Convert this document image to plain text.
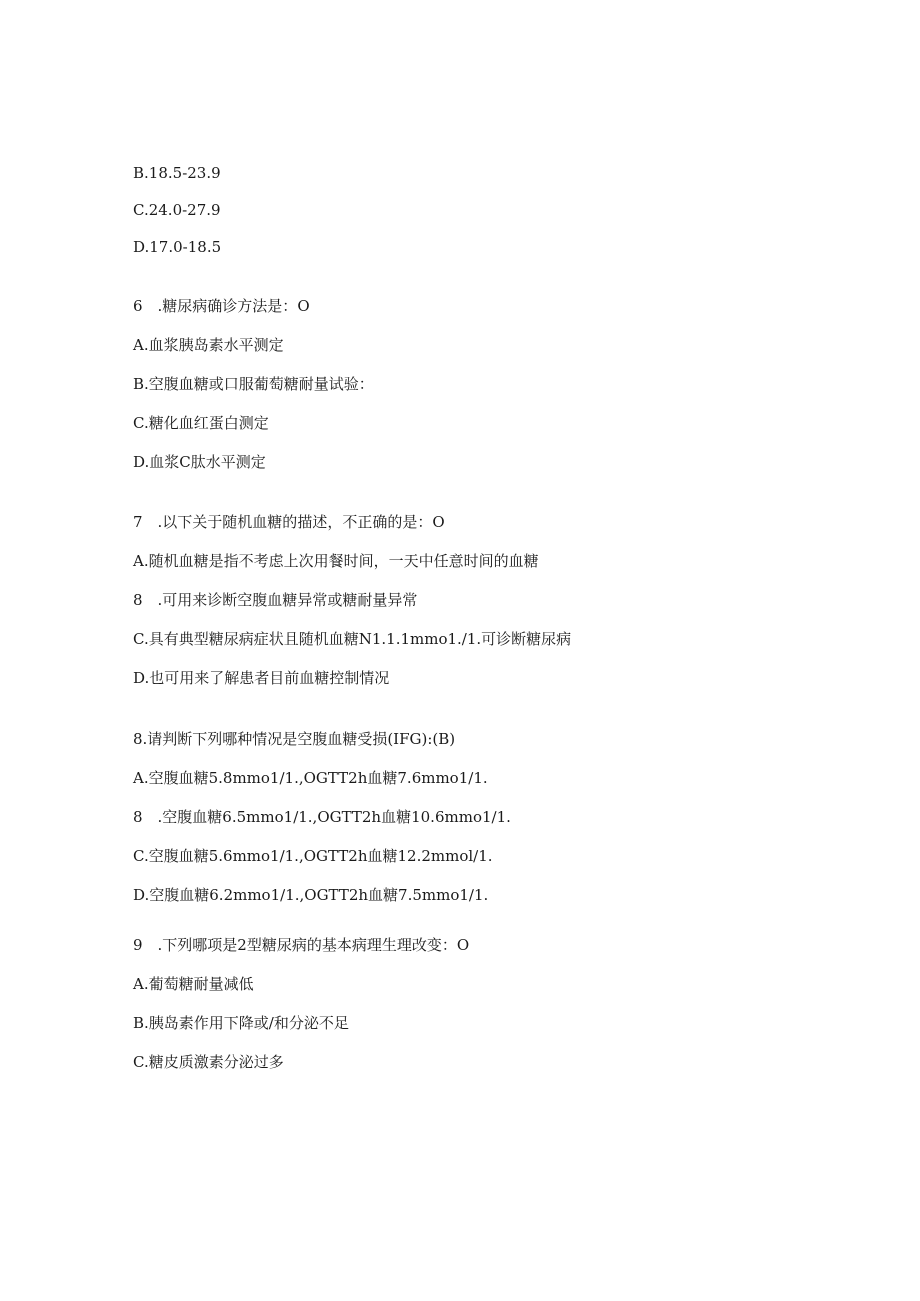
B.18.5-23.9
C.24.0-27.9
D.17.0-18.5
6　.糖尿病确诊方法是：O
A.血浆胰岛素水平测定
B.空腹血糖或口服葡萄糖耐量试验：
C.糖化血红蛋白测定
D.血浆C肽水平测定
7　.以下关于随机血糖的描述，不正确的是：O
A.随机血糖是指不考虑上次用餐时间，一天中任意时间的血糖
8　.可用来诊断空腹血糖异常或糖耐量异常
C.具有典型糖尿病症状且随机血糖N1.1.1mmo1./1.可诊断糖尿病
D.也可用来了解患者目前血糖控制情况
8.请判断下列哪种情况是空腹血糖受损(IFG):(B)
A.空腹血糖5.8mmo1∕1.,OGTT2h血糖7.6mmo1∕1.
8　.空腹血糖6.5mmo1∕1.,OGTT2h血糖10.6mmo1∕1.
C.空腹血糖5.6mmo1∕1.,OGTT2h血糖12.2mmol∕1.
D.空腹血糖6.2mmo1∕1.,OGTT2h血糖7.5mmo1∕1.
9　.下列哪项是2型糖尿病的基本病理生理改变：O
A.葡萄糖耐量减低
B.胰岛素作用下降或/和分泌不足
C.糖皮质激素分泌过多
